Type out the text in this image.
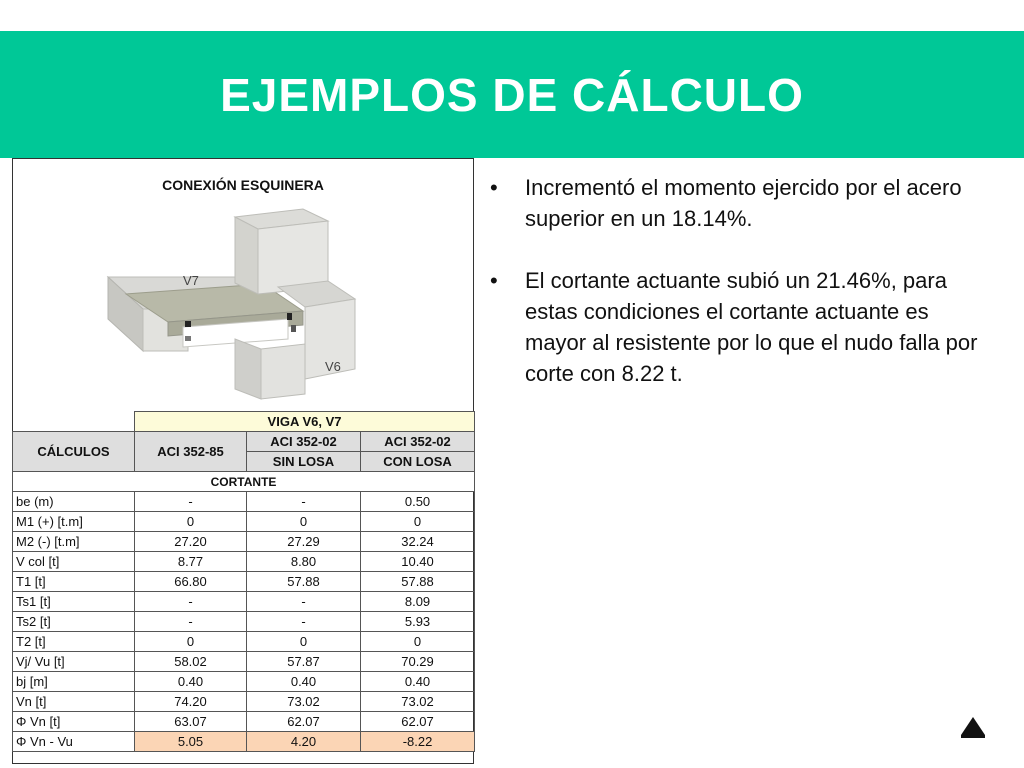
EJEMPLOS DE CÁLCULO
CONEXIÓN ESQUINERA
V7
V6
	VIGA V6, V7		
CÁLCULOS	ACI 352-85	ACI 352-02	ACI 352-02
		SIN LOSA	CON LOSA
CORTANTE			
be (m)	-	-	0.50
M1 (+) [t.m]	0	0	0
M2 (-) [t.m]	27.20	27.29	32.24
V col [t]	8.77	8.80	10.40
T1 [t]	66.80	57.88	57.88
Ts1 [t]	-	-	8.09
Ts2 [t]	-	-	5.93
T2 [t]	0	0	0
Vj/ Vu [t]	58.02	57.87	70.29
bj [m]	0.40	0.40	0.40
Vn [t]	74.20	73.02	73.02
Φ Vn [t]	63.07	62.07	62.07
Φ Vn - Vu	5.05	4.20	-8.22
•	Incrementó el momento ejercido por el acero superior en un 18.14%.
•	El cortante actuante subió un 21.46%, para estas condiciones el cortante actuante es mayor al resistente por lo que el nudo falla por corte con 8.22 t.
